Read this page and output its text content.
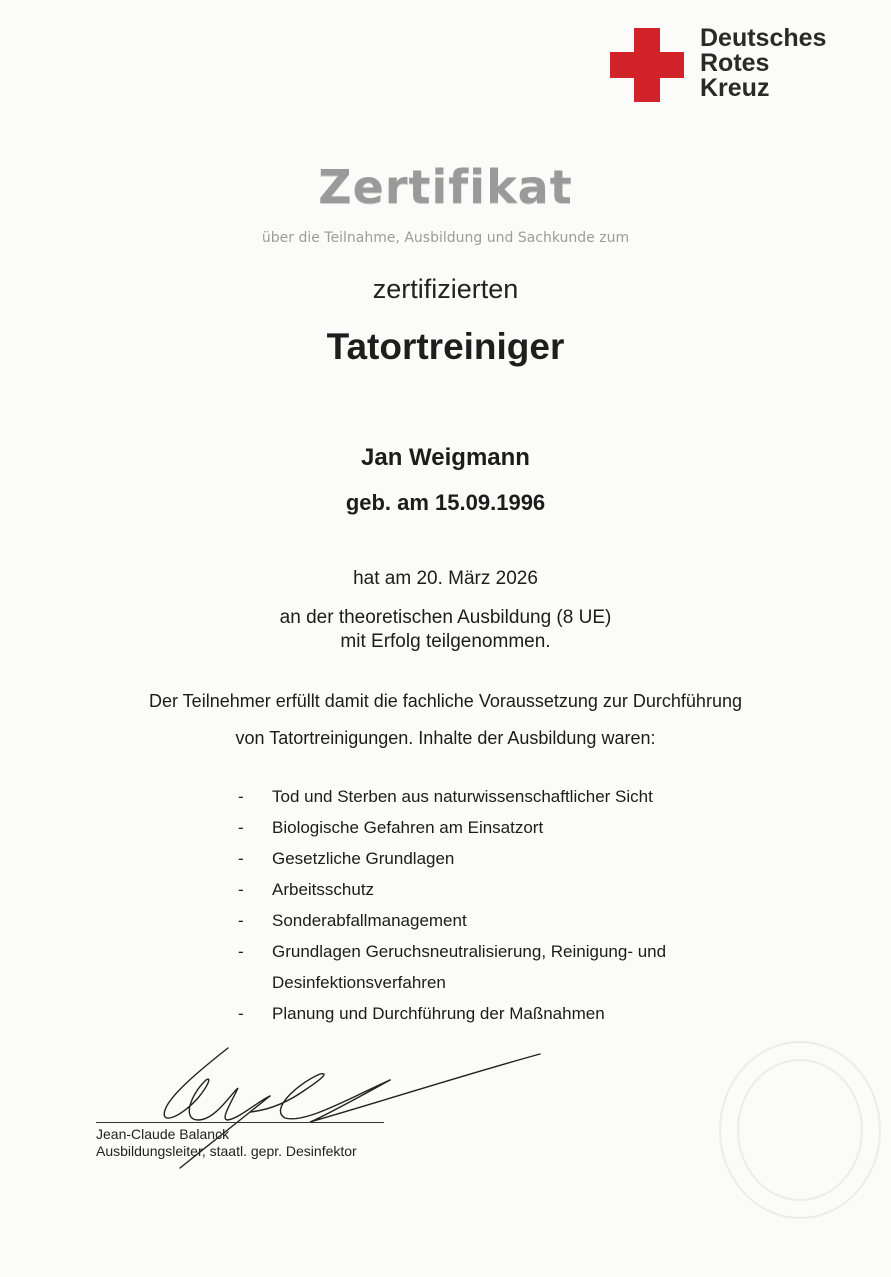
Deutsches
Rotes
Kreuz
Zertifikat
über die Teilnahme, Ausbildung und Sachkunde zum
zertifizierten
Tatortreiniger
Jan Weigmann
geb. am 15.09.1996
hat am 20. März 2026
an der theoretischen Ausbildung (8 UE)
mit Erfolg teilgenommen.
Der Teilnehmer erfüllt damit die fachliche Voraussetzung zur Durchführung
von Tatortreinigungen. Inhalte der Ausbildung waren:
- Tod und Sterben aus naturwissenschaftlicher Sicht
- Biologische Gefahren am Einsatzort
- Gesetzliche Grundlagen
- Arbeitsschutz
- Sonderabfallmanagement
- Grundlagen Geruchsneutralisierung, Reinigung- und
Desinfektionsverfahren
- Planung und Durchführung der Maßnahmen
Jean-Claude Balanck
Ausbildungsleiter, staatl. gepr. Desinfektor
